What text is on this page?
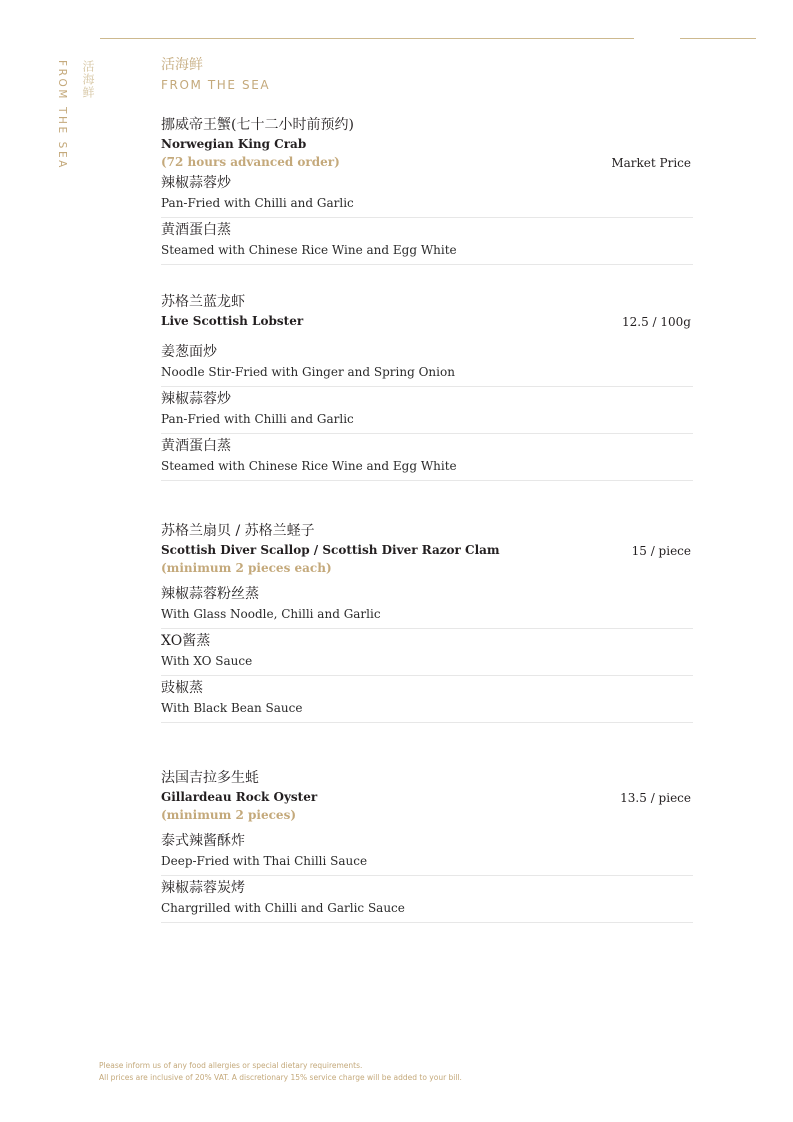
FROM THE SEA 活海鲜	活海鲜
FROM THE SEA
挪威帝王蟹(七十二小时前预约)
Norwegian King Crab
(72 hours advanced order)	Market Price
辣椒蒜蓉炒
Pan-Fried with Chilli and Garlic
黄酒蛋白蒸
Steamed with Chinese Rice Wine and Egg White
苏格兰蓝龙虾
Live Scottish Lobster	12.5 / 100g
姜葱面炒
Noodle Stir-Fried with Ginger and Spring Onion
辣椒蒜蓉炒
Pan-Fried with Chilli and Garlic
黄酒蛋白蒸
Steamed with Chinese Rice Wine and Egg White
苏格兰扇贝 / 苏格兰蛏子
Scottish Diver Scallop / Scottish Diver Razor Clam
(minimum 2 pieces each)
15 / piece
辣椒蒜蓉粉丝蒸
With Glass Noodle, Chilli and Garlic
XO酱蒸
With XO Sauce
豉椒蒸
With Black Bean Sauce
法国吉拉多生蚝
Gillardeau Rock Oyster
(minimum 2 pieces)
13.5 / piece
泰式辣酱酥炸
Deep-Fried with Thai Chilli Sauce
辣椒蒜蓉炭烤
Chargrilled with Chilli and Garlic Sauce
Please inform us of any food allergies or special dietary requirements.
All prices are inclusive of 20% VAT. A discretionary 15% service charge will be added to your bill.
